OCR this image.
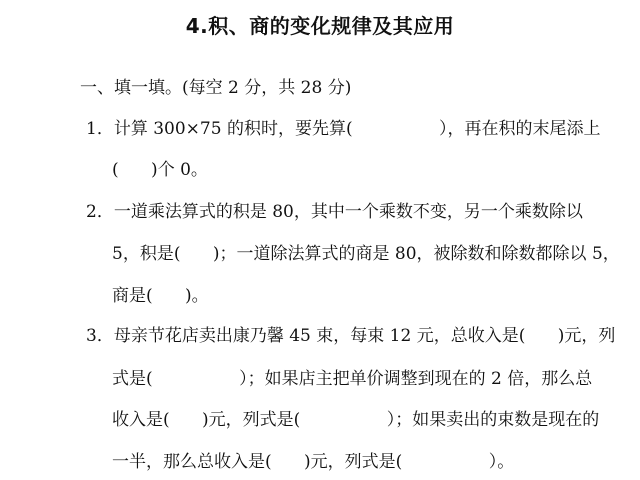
4.积、商的变化规律及其应用
一、填一填。(每空 2 分，共 28 分)
1．计算 300×75 的积时，要先算(                ），再在积的末尾添上
(      )个 0。
2．一道乘法算式的积是 80，其中一个乘数不变，另一个乘数除以
5，积是(      )；一道除法算式的商是 80，被除数和除数都除以 5，
商是(      )。
3．母亲节花店卖出康乃馨 45 束，每束 12 元，总收入是(      )元，列
式是(                ）；如果店主把单价调整到现在的 2 倍，那么总
收入是(      )元，列式是(                ）；如果卖出的束数是现在的
一半，那么总收入是(      )元，列式是(                ）。
